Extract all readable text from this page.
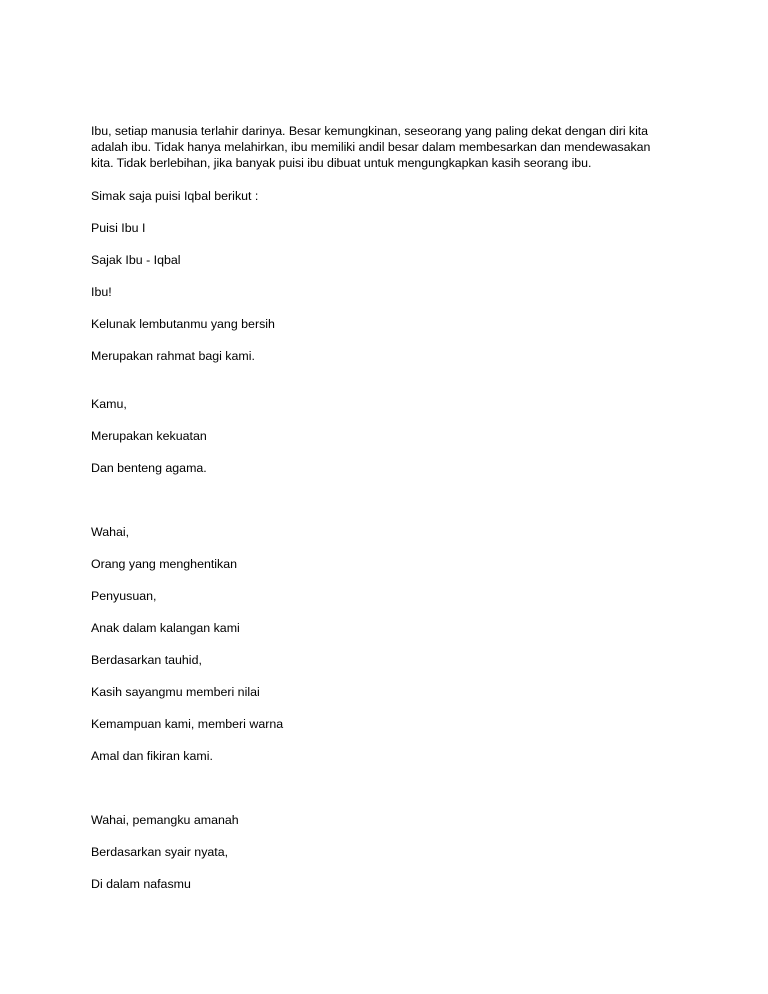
Ibu, setiap manusia terlahir darinya. Besar kemungkinan, seseorang yang paling dekat dengan diri kita

adalah ibu. Tidak hanya melahirkan, ibu memiliki andil besar dalam membesarkan dan mendewasakan

kita. Tidak berlebihan, jika banyak puisi ibu dibuat untuk mengungkapkan kasih seorang ibu.

Simak saja puisi Iqbal berikut :

Puisi Ibu I

Sajak Ibu - Iqbal

Ibu!

Kelunak lembutanmu yang bersih

Merupakan rahmat bagi kami.

Kamu,

Merupakan kekuatan

Dan benteng agama.

Wahai,

Orang yang menghentikan

Penyusuan,

Anak dalam kalangan kami

Berdasarkan tauhid,

Kasih sayangmu memberi nilai

Kemampuan kami, memberi warna

Amal dan fikiran kami.

Wahai, pemangku amanah

Berdasarkan syair nyata,

Di dalam nafasmu
